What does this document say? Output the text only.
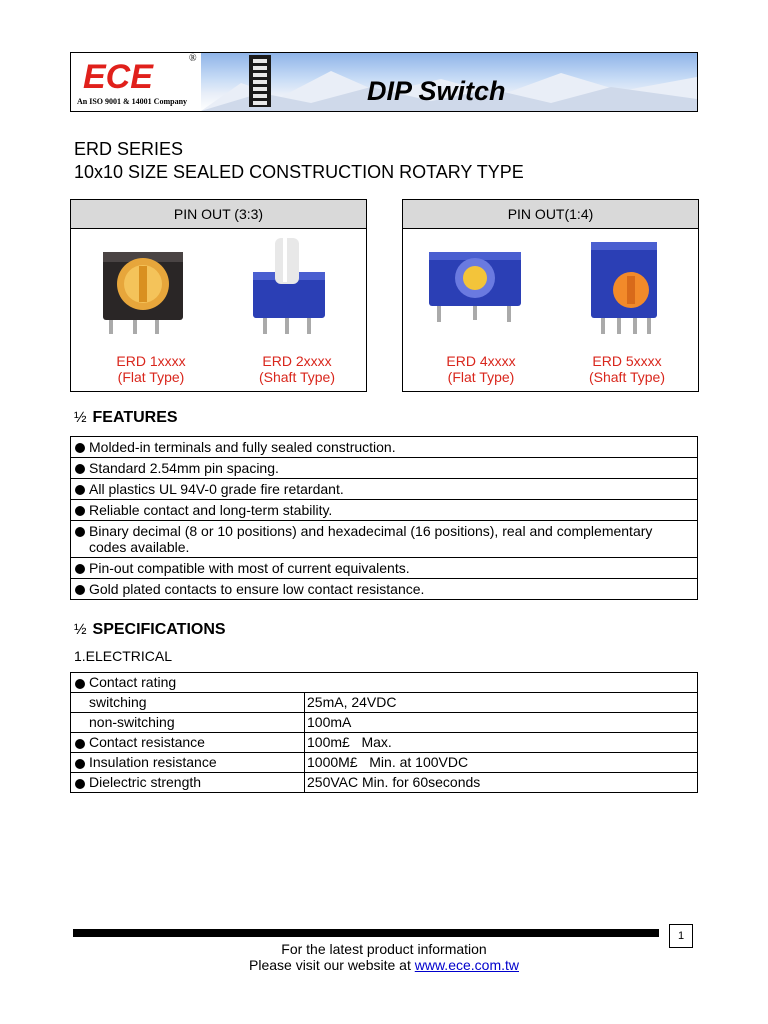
ECE	®
An ISO 9001 & 14001 Company	DIP Switch
ERD SERIES
10x10 SIZE SEALED CONSTRUCTION ROTARY TYPE
PIN OUT (3:3)
ERD 1xxxx
(Flat Type)
ERD 2xxxx
(Shaft Type)
PIN OUT(1:4)
ERD 4xxxx
(Flat Type)
ERD 5xxxx
(Shaft Type)
½ FEATURES
Molded-in terminals and fully sealed construction.

Standard 2.54mm pin spacing.

All plastics UL 94V-0 grade fire retardant.

Reliable contact and long-term stability.

Binary decimal (8 or 10 positions) and hexadecimal (16 positions), real and complementary codes available.

Pin-out compatible with most of current equivalents.

Gold plated contacts to ensure low contact resistance.
½ SPECIFICATIONS
1.ELECTRICAL
Contact rating	
switching	25mA, 24VDC
non-switching	100mA

Contact resistance	100m£   Max.

Insulation resistance	1000M£   Min. at 100VDC

Dielectric strength	250VAC Min. for 60seconds
1
For the latest product information
Please visit our website at www.ece.com.tw
